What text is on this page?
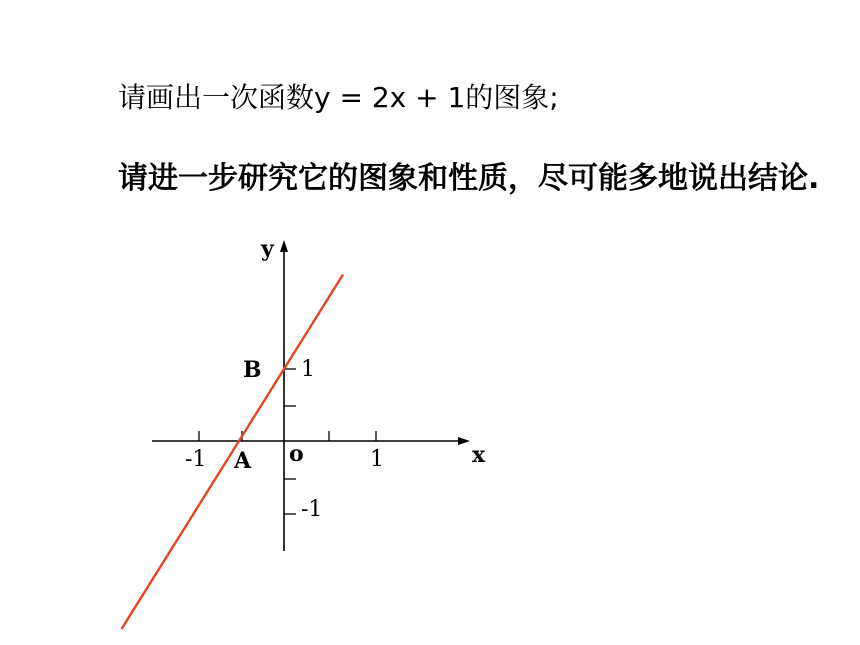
请画出一次函数y = 2x + 1的图象;
请进一步研究它的图象和性质，尽可能多地说出结论.
y
x
o
A
B
-1	1
1
-1
